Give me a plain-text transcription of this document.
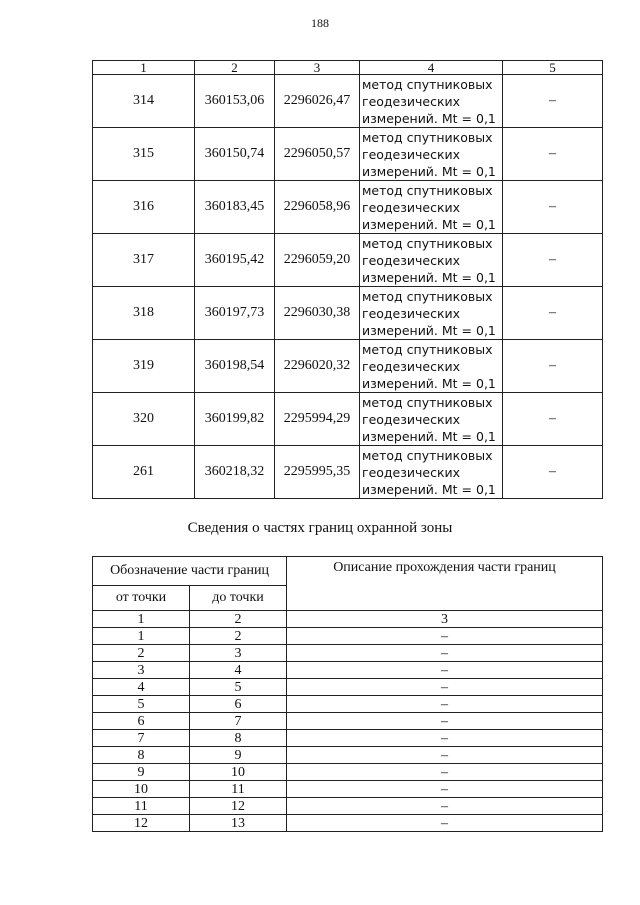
188
1	2	3	4	5
314	360153,06	2296026,47	метод спутниковых
геодезических
измерений. Mt = 0,1	–
315	360150,74	2296050,57	метод спутниковых
геодезических
измерений. Mt = 0,1	–
316	360183,45	2296058,96	метод спутниковых
геодезических
измерений. Mt = 0,1	–
317	360195,42	2296059,20	метод спутниковых
геодезических
измерений. Mt = 0,1	–
318	360197,73	2296030,38	метод спутниковых
геодезических
измерений. Mt = 0,1	–
319	360198,54	2296020,32	метод спутниковых
геодезических
измерений. Mt = 0,1	–
320	360199,82	2295994,29	метод спутниковых
геодезических
измерений. Mt = 0,1	–
261	360218,32	2295995,35	метод спутниковых
геодезических
измерений. Mt = 0,1	–
Сведения о частях границ охранной зоны
Обозначение части границ		Описание прохождения части границ
от точки	до точки	
1	2	3
1	2	–
2	3	–
3	4	–
4	5	–
5	6	–
6	7	–
7	8	–
8	9	–
9	10	–
10	11	–
11	12	–
12	13	–
